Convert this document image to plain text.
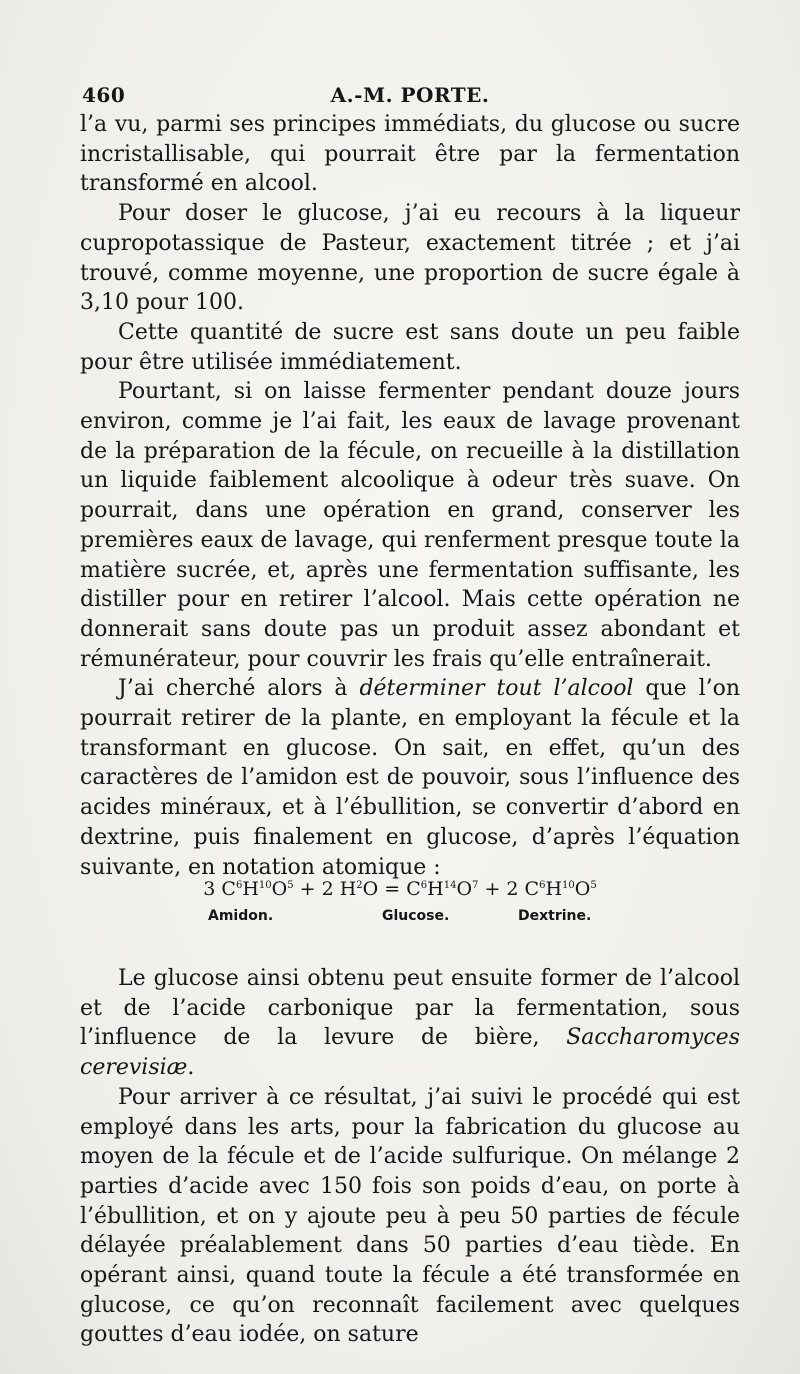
460	A.-M. PORTE.

l’a vu, parmi ses principes immédiats, du glucose ou sucre incristallisable, qui pourrait être par la fermentation transformé en alcool.

Pour doser le glucose, j’ai eu recours à la liqueur cupropotassique de Pasteur, exactement titrée ; et j’ai trouvé, comme moyenne, une proportion de sucre égale à 3,10 pour 100.

Cette quantité de sucre est sans doute un peu faible pour être utilisée immédiatement.

Pourtant, si on laisse fermenter pendant douze jours environ, comme je l’ai fait, les eaux de lavage provenant de la préparation de la fécule, on recueille à la distillation un liquide faiblement alcoolique à odeur très suave. On pourrait, dans une opération en grand, conserver les premières eaux de lavage, qui renferment presque toute la matière sucrée, et, après une fermentation suffisante, les distiller pour en retirer l’alcool. Mais cette opération ne donnerait sans doute pas un produit assez abondant et rémunérateur, pour couvrir les frais qu’elle entraînerait.

J’ai cherché alors à déterminer tout l’alcool que l’on pourrait retirer de la plante, en employant la fécule et la transformant en glucose. On sait, en effet, qu’un des caractères de l’amidon est de pouvoir, sous l’influence des acides minéraux, et à l’ébullition, se convertir d’abord en dextrine, puis finalement en glucose, d’après l’équation suivante, en notation atomique :

3 $C^6H^{10}O^5 + 2$ $H^2O = C^6H^{14}O^7 + 2$ $C^6H^{10}O^5$
Amidon.	Glucose.	Dextrine.

Le glucose ainsi obtenu peut ensuite former de l’alcool et de l’acide carbonique par la fermentation, sous l’influence de la levure de bière, Saccharomyces cerevisiæ.

Pour arriver à ce résultat, j’ai suivi le procédé qui est employé dans les arts, pour la fabrication du glucose au moyen de la fécule et de l’acide sulfurique. On mélange 2 parties d’acide avec 150 fois son poids d’eau, on porte à l’ébullition, et on y ajoute peu à peu 50 parties de fécule délayée préalablement dans 50 parties d’eau tiède. En opérant ainsi, quand toute la fécule a été transformée en glucose, ce qu’on reconnaît facilement avec quelques gouttes d’eau iodée, on sature
